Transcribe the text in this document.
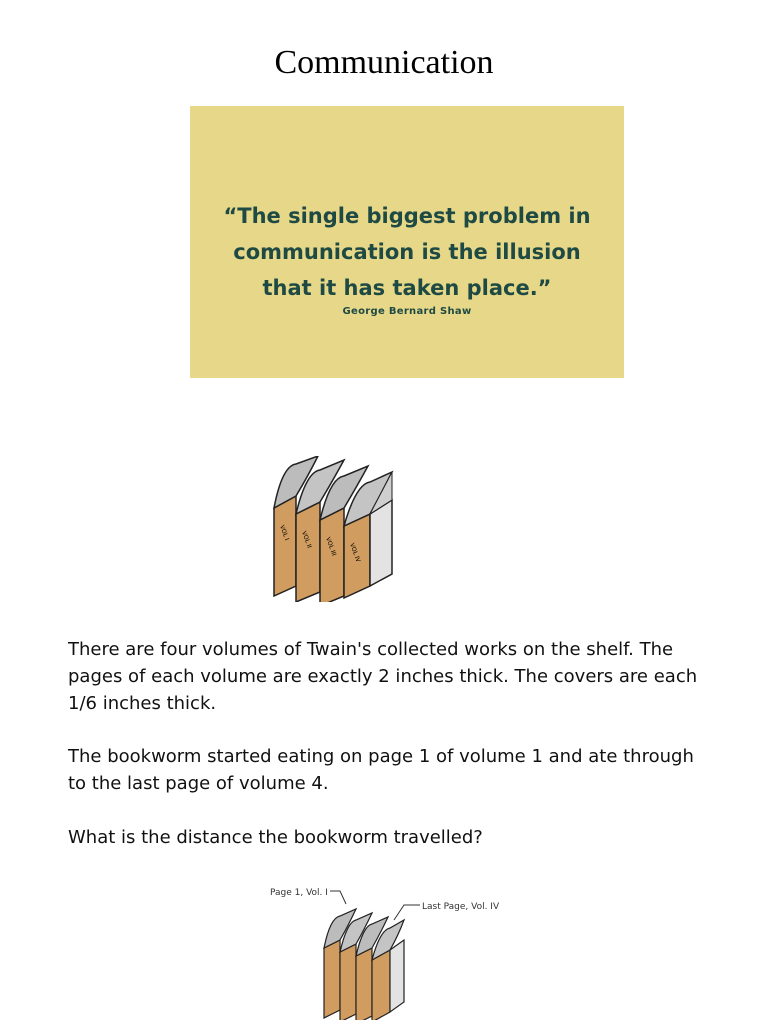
Communication
“The single biggest problem in
communication is the illusion
that it has taken place.”
George Bernard Shaw
VOL I VOL II VOL III VOL IV
There are four volumes of Twain's collected works on the shelf. The
pages of each volume are exactly 2 inches thick. The covers are each
1/6 inches thick.
The bookworm started eating on page 1 of volume 1 and ate through
to the last page of volume 4.
What is the distance the bookworm travelled?
Page 1, Vol. I
Last Page, Vol. IV
